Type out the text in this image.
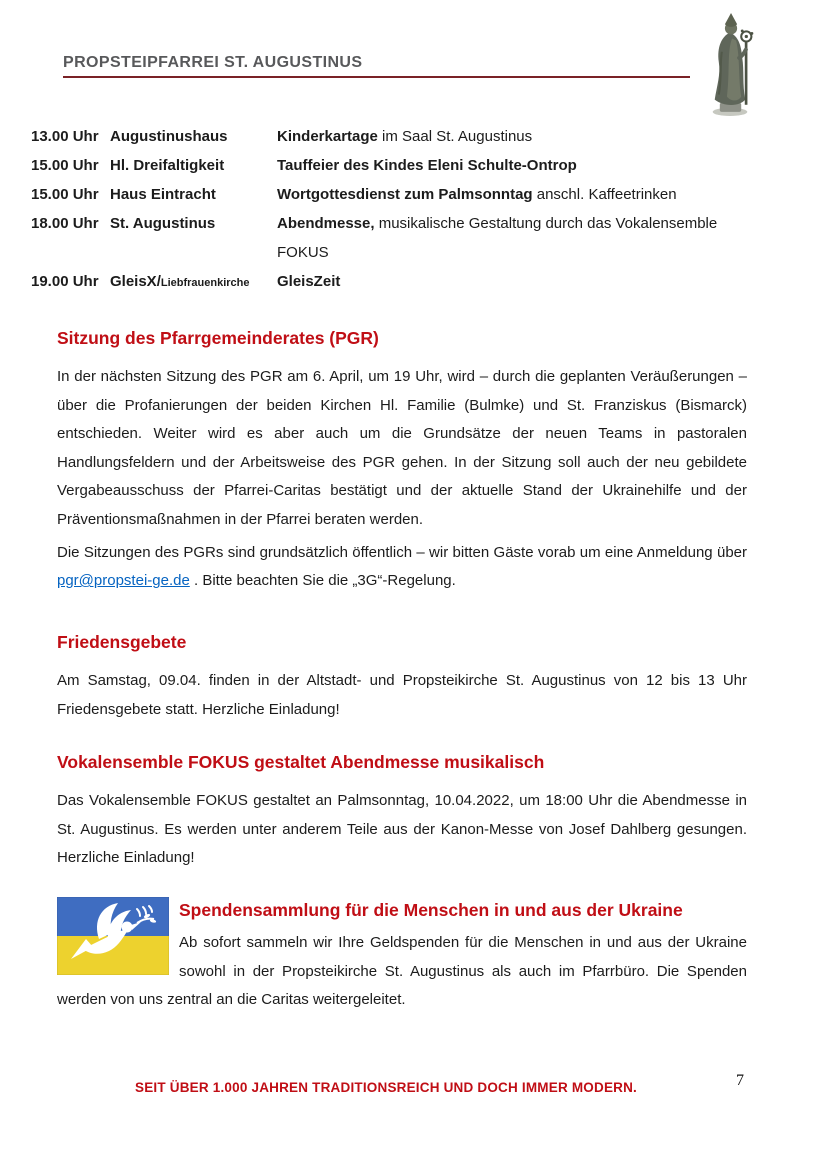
PROPSTEIPFARREI ST. AUGUSTINUS
13.00 Uhr Augustinushaus	Kinderkartage im Saal St. Augustinus
15.00 Uhr Hl. Dreifaltigkeit	Tauffeier des Kindes Eleni Schulte-Ontrop
15.00 Uhr Haus Eintracht	Wortgottesdienst zum Palmsonntag anschl. Kaffeetrinken
18.00 Uhr St. Augustinus	Abendmesse, musikalische Gestaltung durch das Vokalensemble
FOKUS
19.00 Uhr GleisX/Liebfrauenkirche	GleisZeit
Sitzung des Pfarrgemeinderates (PGR)

In der nächsten Sitzung des PGR am 6. April, um 19 Uhr, wird – durch die geplanten Veräußerungen – über die Profanierungen der beiden Kirchen Hl. Familie (Bulmke) und St. Franziskus (Bismarck) entschieden. Weiter wird es aber auch um die Grundsätze der neuen Teams in pastoralen Handlungsfeldern und der Arbeitsweise des PGR gehen. In der Sitzung soll auch der neu gebildete Vergabeausschuss der Pfarrei-Caritas bestätigt und der aktuelle Stand der Ukrainehilfe und der Präventionsmaßnahmen in der Pfarrei beraten werden.

Die Sitzungen des PGRs sind grundsätzlich öffentlich – wir bitten Gäste vorab um eine Anmeldung über pgr@propstei-ge.de . Bitte beachten Sie die „3G“-Regelung.

Friedensgebete

Am Samstag, 09.04. finden in der Altstadt- und Propsteikirche St. Augustinus von 12 bis 13 Uhr Friedensgebete statt. Herzliche Einladung!

Vokalensemble FOKUS gestaltet Abendmesse musikalisch

Das Vokalensemble FOKUS gestaltet an Palmsonntag, 10.04.2022, um 18:00 Uhr die Abendmesse in St. Augustinus. Es werden unter anderem Teile aus der Kanon-Messe von Josef Dahlberg gesungen. Herzliche Einladung!

Spendensammlung für die Menschen in und aus der Ukraine

Ab sofort sammeln wir Ihre Geldspenden für die Menschen in und aus der Ukraine sowohl in der Propsteikirche St. Augustinus als auch im Pfarrbüro. Die Spenden werden von uns zentral an die Caritas weitergeleitet.

SEIT ÜBER 1.000 JAHREN TRADITIONSREICH UND DOCH IMMER MODERN.	7
